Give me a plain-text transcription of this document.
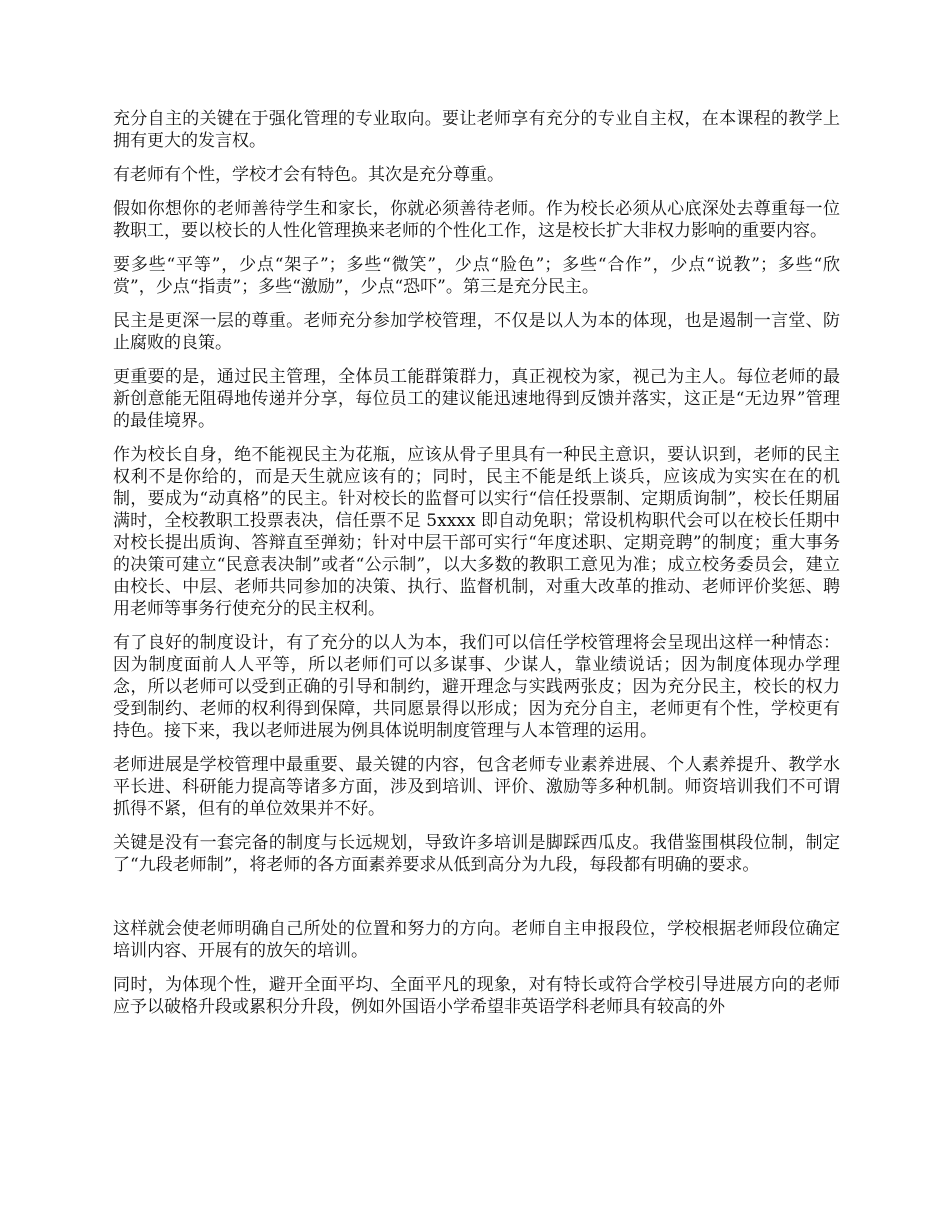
充分自主的关键在于强化管理的专业取向。要让老师享有充分的专业自主权，在本课程的教学上拥有更大的发言权。

有老师有个性，学校才会有特色。其次是充分尊重。

假如你想你的老师善待学生和家长，你就必须善待老师。作为校长必须从心底深处去尊重每一位教职工，要以校长的人性化管理换来老师的个性化工作，这是校长扩大非权力影响的重要内容。

要多些“平等”，少点“架子”；多些“微笑”，少点“脸色”；多些“合作”，少点“说教”；多些“欣赏”，少点“指责”；多些“激励”，少点“恐吓”。第三是充分民主。

民主是更深一层的尊重。老师充分参加学校管理，不仅是以人为本的体现，也是遏制一言堂、防止腐败的良策。

更重要的是，通过民主管理，全体员工能群策群力，真正视校为家，视己为主人。每位老师的最新创意能无阻碍地传递并分享，每位员工的建议能迅速地得到反馈并落实，这正是“无边界”管理的最佳境界。

作为校长自身，绝不能视民主为花瓶，应该从骨子里具有一种民主意识，要认识到，老师的民主权利不是你给的，而是天生就应该有的；同时，民主不能是纸上谈兵，应该成为实实在在的机制，要成为“动真格”的民主。针对校长的监督可以实行“信任投票制、定期质询制”，校长任期届满时，全校教职工投票表决，信任票不足 5xxxx 即自动免职；常设机构职代会可以在校长任期中对校长提出质询、答辩直至弹劾；针对中层干部可实行“年度述职、定期竞聘”的制度；重大事务的决策可建立“民意表决制”或者“公示制”，以大多数的教职工意见为准；成立校务委员会，建立由校长、中层、老师共同参加的决策、执行、监督机制，对重大改革的推动、老师评价奖惩、聘用老师等事务行使充分的民主权利。

有了良好的制度设计，有了充分的以人为本，我们可以信任学校管理将会呈现出这样一种情态：因为制度面前人人平等，所以老师们可以多谋事、少谋人，靠业绩说话；因为制度体现办学理念，所以老师可以受到正确的引导和制约，避开理念与实践两张皮；因为充分民主，校长的权力受到制约、老师的权利得到保障，共同愿景得以形成；因为充分自主，老师更有个性，学校更有持色。接下来，我以老师进展为例具体说明制度管理与人本管理的运用。

老师进展是学校管理中最重要、最关键的内容，包含老师专业素养进展、个人素养提升、教学水平长进、科研能力提高等诸多方面，涉及到培训、评价、激励等多种机制。师资培训我们不可谓抓得不紧，但有的单位效果并不好。

关键是没有一套完备的制度与长远规划，导致许多培训是脚踩西瓜皮。我借鉴围棋段位制，制定了“九段老师制”，将老师的各方面素养要求从低到高分为九段，每段都有明确的要求。

这样就会使老师明确自己所处的位置和努力的方向。老师自主申报段位，学校根据老师段位确定培训内容、开展有的放矢的培训。

同时，为体现个性，避开全面平均、全面平凡的现象，对有特长或符合学校引导进展方向的老师应予以破格升段或累积分升段，例如外国语小学希望非英语学科老师具有较高的外
